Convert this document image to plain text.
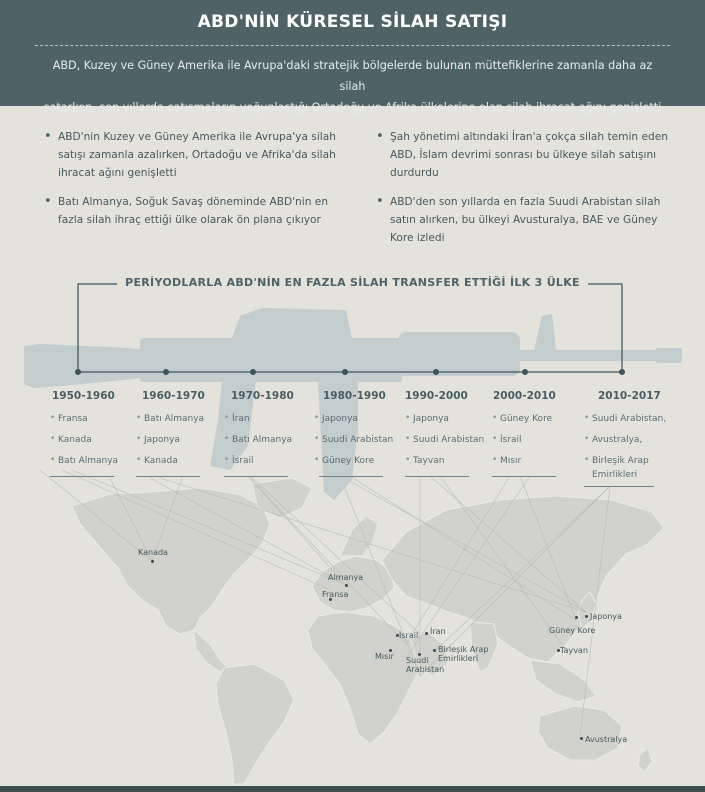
ABD'NİN KÜRESEL SİLAH SATIŞI
ABD, Kuzey ve Güney Amerika ile Avrupa'daki stratejik bölgelerde bulunan müttefiklerine zamanla daha az silah
satarken, son yıllarda çatışmaların yoğunlaştığı Ortadoğu ve Afrika ülkelerine olan silah ihracat ağını genişletti
• ABD'nin Kuzey ve Güney Amerika ile Avrupa'ya silah satışı zamanla azalırken, Ortadoğu ve Afrika'da silah ihracat ağını genişletti
• Batı Almanya, Soğuk Savaş döneminde ABD'nin en fazla silah ihraç ettiği ülke olarak ön plana çıkıyor
• Şah yönetimi altındaki İran'a çokça silah temin eden ABD, İslam devrimi sonrası bu ülkeye silah satışını durdurdu
• ABD'den son yıllarda en fazla Suudi Arabistan silah satın alırken, bu ülkeyi Avusturalya, BAE ve Güney Kore izledi
PERİYODLARLA ABD'NİN EN FAZLA SİLAH TRANSFER ETTİĞİ İLK 3 ÜLKE
1950-1960
• Fransa
• Kanada
• Batı Almanya
1960-1970
• Batı Almanya
• Japonya
• Kanada
1970-1980
• İran
• Batı Almanya
• İsrail
1980-1990
• Japonya
• Suudi Arabistan
• Güney Kore
1990-2000
• Japonya
• Suudi Arabistan
• Tayvan
2000-2010
• Güney Kore
• İsrail
• Mısır
2010-2017
• Suudi Arabistan,
• Avustralya,
• Birleşik Arap Emirlikleri
Kanada
Almanya
Fransa
İsrail İran
Mısır
Birleşik Arap Emirlikleri
Suudi Arabistan
Güney Kore
Japonya
Tayvan
Avustralya
